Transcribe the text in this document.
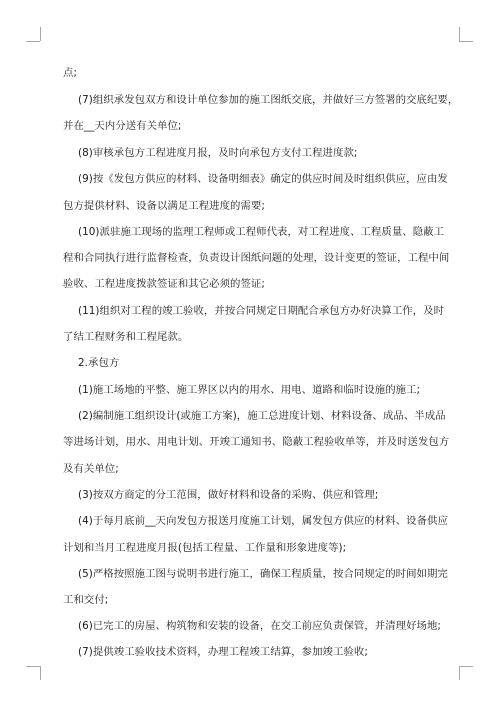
点;
(7)组织承发包双方和设计单位参加的施工图纸交底，并做好三方签署的交底纪要，
并在__天内分送有关单位;
(8)审核承包方工程进度月报，及时向承包方支付工程进度款;
(9)按《发包方供应的材料、设备明细表》确定的供应时间及时组织供应，应由发
包方提供材料、设备以满足工程进度的需要;
(10)派驻施工现场的监理工程师或工程师代表，对工程进度、工程质量、隐蔽工
程和合同执行进行监督检查，负责设计图纸问题的处理，设计变更的签证，工程中间
验收、工程进度拨款签证和其它必须的签证;
(11)组织对工程的竣工验收，并按合同规定日期配合承包方办好决算工作，及时
了结工程财务和工程尾款。
2.承包方
(1)施工场地的平整、施工界区以内的用水、用电、道路和临时设施的施工;
(2)编制施工组织设计(或施工方案)，施工总进度计划、材料设备、成品、半成品
等进场计划，用水、用电计划、开竣工通知书、隐蔽工程验收单等，并及时送发包方
及有关单位;
(3)按双方商定的分工范围，做好材料和设备的采购、供应和管理;
(4)于每月底前__天向发包方报送月度施工计划，属发包方供应的材料、设备供应
计划和当月工程进度月报(包括工程量、工作量和形象进度等);
(5)严格按照施工图与说明书进行施工，确保工程质量，按合同规定的时间如期完
工和交付;
(6)已完工的房屋、构筑物和安装的设备，在交工前应负责保管，并清理好场地;
(7)提供竣工验收技术资料，办理工程竣工结算，参加竣工验收;
